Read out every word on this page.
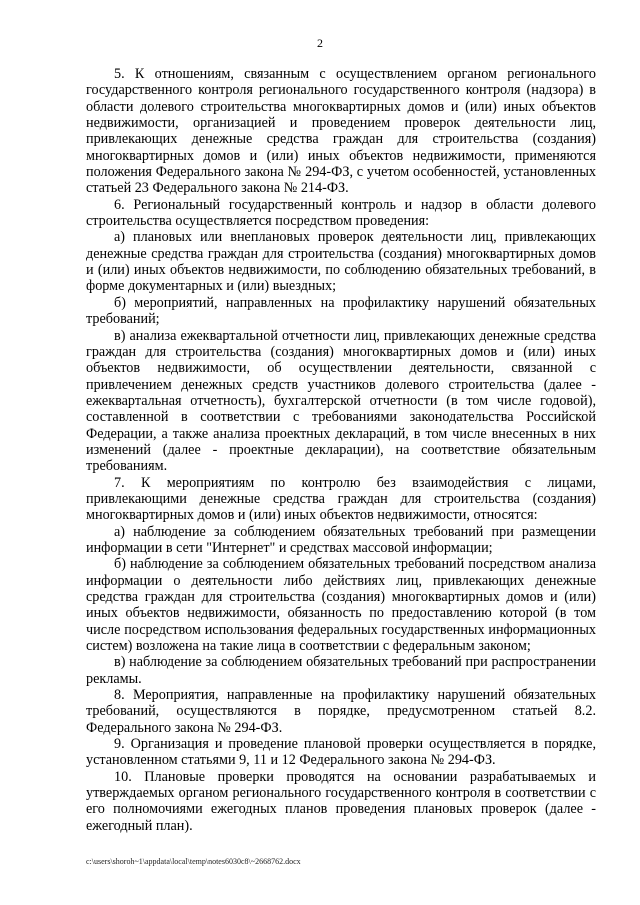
2

5. К отношениям, связанным с осуществлением органом регионального государственного контроля регионального государственного контроля (надзора) в области долевого строительства многоквартирных домов и (или) иных объектов недвижимости, организацией и проведением проверок деятельности лиц, привлекающих денежные средства граждан для строительства (создания) многоквартирных домов и (или) иных объектов недвижимости, применяются положения Федерального закона № 294-ФЗ, с учетом особенностей, установленных статьей 23 Федерального закона № 214-ФЗ.

6. Региональный государственный контроль и надзор в области долевого строительства осуществляется посредством проведения:

а) плановых или внеплановых проверок деятельности лиц, привлекающих денежные средства граждан для строительства (создания) многоквартирных домов и (или) иных объектов недвижимости, по соблюдению обязательных требований, в форме документарных и (или) выездных;

б) мероприятий, направленных на профилактику нарушений обязательных требований;

в) анализа ежеквартальной отчетности лиц, привлекающих денежные средства граждан для строительства (создания) многоквартирных домов и (или) иных объектов недвижимости, об осуществлении деятельности, связанной с привлечением денежных средств участников долевого строительства (далее - ежеквартальная отчетность), бухгалтерской отчетности (в том числе годовой), составленной в соответствии с требованиями законодательства Российской Федерации, а также анализа проектных деклараций, в том числе внесенных в них изменений (далее - проектные декларации), на соответствие обязательным требованиям.

7. К мероприятиям по контролю без взаимодействия с лицами, привлекающими денежные средства граждан для строительства (создания) многоквартирных домов и (или) иных объектов недвижимости, относятся:

а) наблюдение за соблюдением обязательных требований при размещении информации в сети "Интернет" и средствах массовой информации;

б) наблюдение за соблюдением обязательных требований посредством анализа информации о деятельности либо действиях лиц, привлекающих денежные средства граждан для строительства (создания) многоквартирных домов и (или) иных объектов недвижимости, обязанность по предоставлению которой (в том числе посредством использования федеральных государственных информационных систем) возложена на такие лица в соответствии с федеральным законом;

в) наблюдение за соблюдением обязательных требований при распространении рекламы.

8. Мероприятия, направленные на профилактику нарушений обязательных требований, осуществляются в порядке, предусмотренном статьей 8.2. Федерального закона № 294-ФЗ.

9. Организация и проведение плановой проверки осуществляется в порядке, установленном статьями 9, 11 и 12 Федерального закона № 294-ФЗ.

10. Плановые проверки проводятся на основании разрабатываемых и утверждаемых органом регионального государственного контроля в соответствии с его полномочиями ежегодных планов проведения плановых проверок (далее - ежегодный план).

c:\users\shoroh~1\appdata\local\temp\notes6030c8\~2668762.docx
